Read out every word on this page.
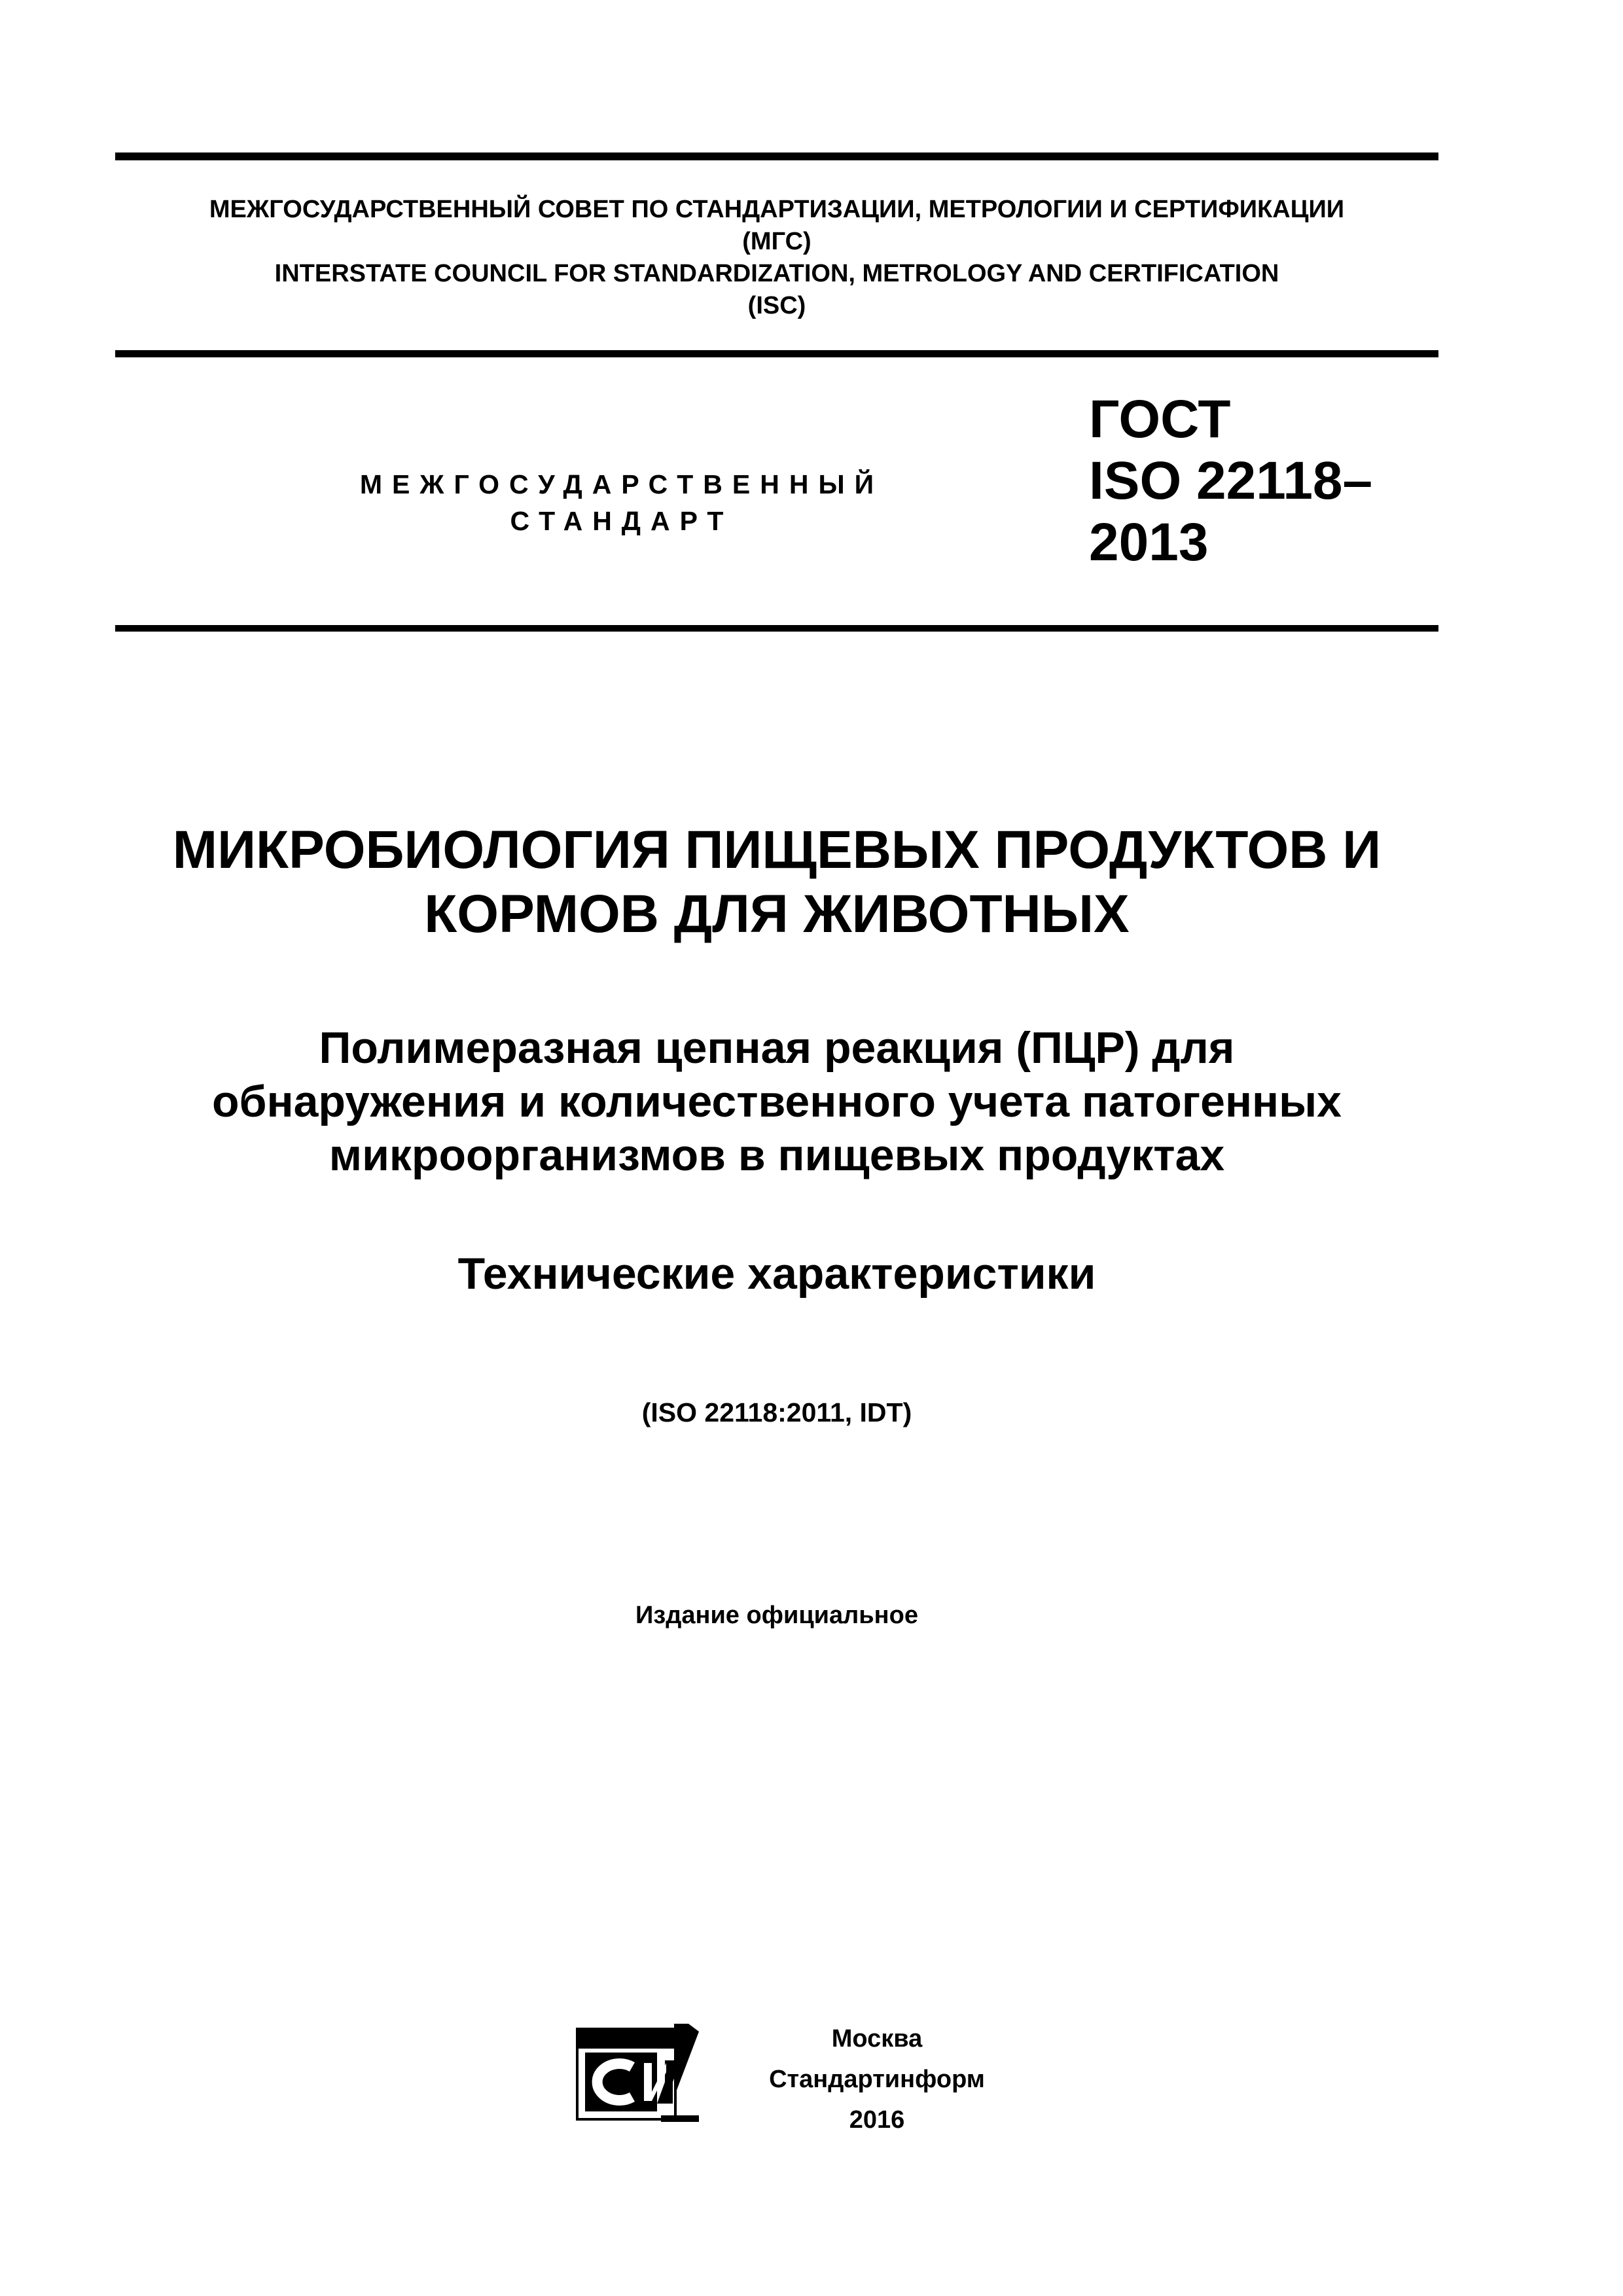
МЕЖГОСУДАРСТВЕННЫЙ СОВЕТ ПО СТАНДАРТИЗАЦИИ, МЕТРОЛОГИИ И СЕРТИФИКАЦИИ
(МГС)
INTERSTATE COUNCIL FOR STANDARDIZATION, METROLOGY AND CERTIFICATION
(ISC)
МЕЖГОСУДАРСТВЕННЫЙ
СТАНДАРТ
ГОСТ
ISO 22118–
2013
МИКРОБИОЛОГИЯ ПИЩЕВЫХ ПРОДУКТОВ И
КОРМОВ ДЛЯ ЖИВОТНЫХ
Полимеразная цепная реакция (ПЦР) для
обнаружения и количественного учета патогенных
микроорганизмов в пищевых продуктах
Технические характеристики
(ISO 22118:2011, IDT)
Издание официальное
Москва
Стандартинформ
2016
